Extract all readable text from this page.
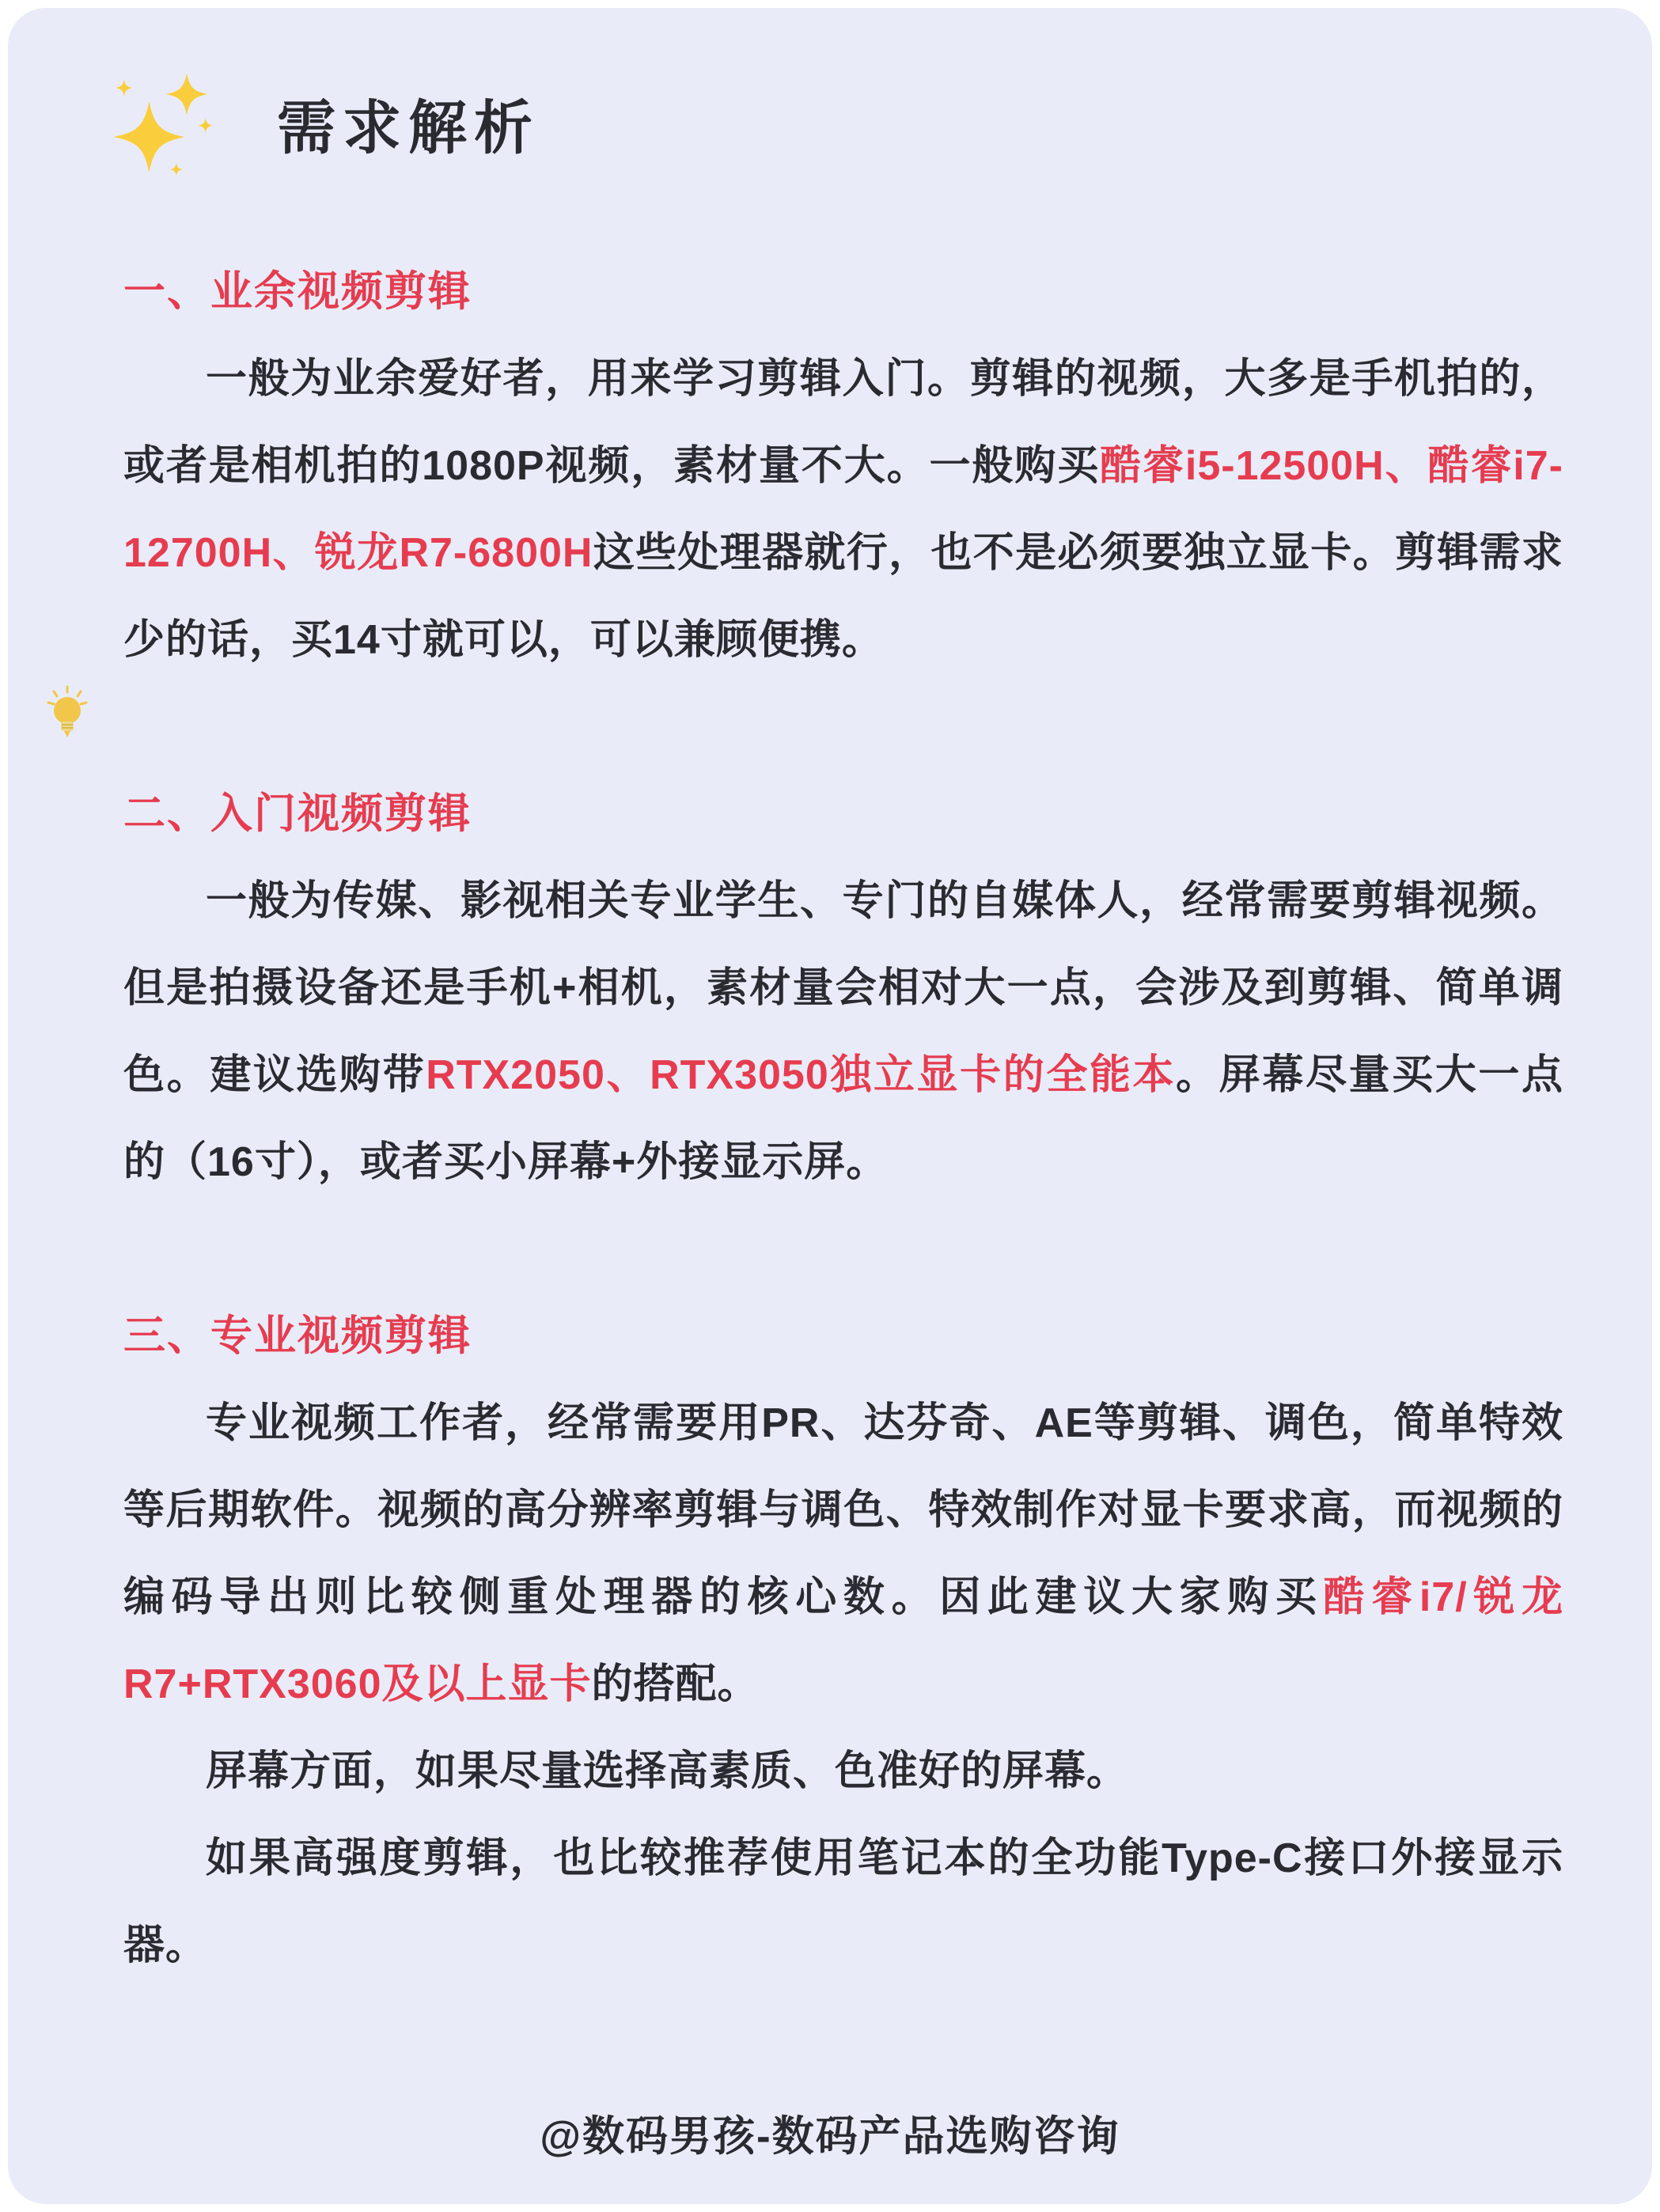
需求解析
一、业余视频剪辑

一般为业余爱好者，用来学习剪辑入门。剪辑的视频，大多是手机拍的，或者是相机拍的1080P视频，素材量不大。一般购买酷睿i5-12500H、酷睿i7-12700H、锐龙R7-6800H这些处理器就行，也不是必须要独立显卡。剪辑需求少的话，买14寸就可以，可以兼顾便携。

二、入门视频剪辑

一般为传媒、影视相关专业学生、专门的自媒体人，经常需要剪辑视频。但是拍摄设备还是手机+相机，素材量会相对大一点，会涉及到剪辑、简单调色。建议选购带RTX2050、RTX3050独立显卡的全能本。屏幕尽量买大一点的（16寸），或者买小屏幕+外接显示屏。

三、专业视频剪辑

专业视频工作者，经常需要用PR、达芬奇、AE等剪辑、调色，简单特效等后期软件。视频的高分辨率剪辑与调色、特效制作对显卡要求高，而视频的编码导出则比较侧重处理器的核心数。因此建议大家购买酷睿i7/锐龙R7+RTX3060及以上显卡的搭配。

屏幕方面，如果尽量选择高素质、色准好的屏幕。

如果高强度剪辑，也比较推荐使用笔记本的全功能Type-C接口外接显示器。

@数码男孩-数码产品选购咨询
